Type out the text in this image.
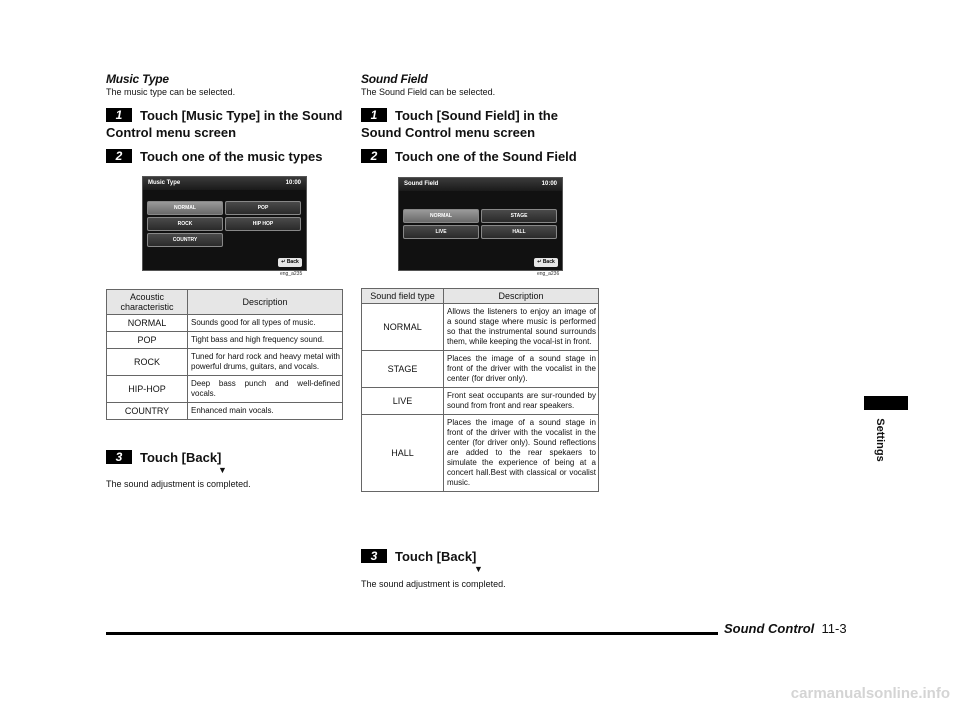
Music Type

The music type can be selected.

1 Touch [Music Type] in the Sound Control menu screen

2 Touch one of the music types

Music Type	10:00
NORMAL	POP
ROCK	HIP HOP
COUNTRY
↵ Back
eng_a235
Acoustic characteristic	Description
NORMAL	Sounds good for all types of music.
POP	Tight bass and high frequency sound.
ROCK	Tuned for hard rock and heavy metal with powerful drums, guitars, and vocals.
HIP-HOP	Deep bass punch and well-defined vocals.
COUNTRY	Enhanced main vocals.

3 Touch [Back]

▼

The sound adjustment is completed.

Sound Field

The Sound Field can be selected.

1 Touch [Sound Field] in the Sound Control menu screen

2 Touch one of the Sound Field

Sound Field	10:00
NORMAL	STAGE
LIVE	HALL
↵ Back
eng_a236
Sound field type	Description
NORMAL	Allows the listeners to enjoy an image of a sound stage where music is performed so that the instrumental sound surrounds them, while keeping the vocal-ist in front.
STAGE	Places the image of a sound stage in front of the driver with the vocalist in the center (for driver only).
LIVE	Front seat occupants are sur-rounded by sound from front and rear speakers.
HALL	Places the image of a sound stage in front of the driver with the vocalist in the center (for driver only). Sound reflections are added to the rear spekaers to simulate the experience of being at a concert hall.Best with classical or vocalist music.

3 Touch [Back]

▼

The sound adjustment is completed.

Settings
Sound Control 11-3
carmanualsonline.info
